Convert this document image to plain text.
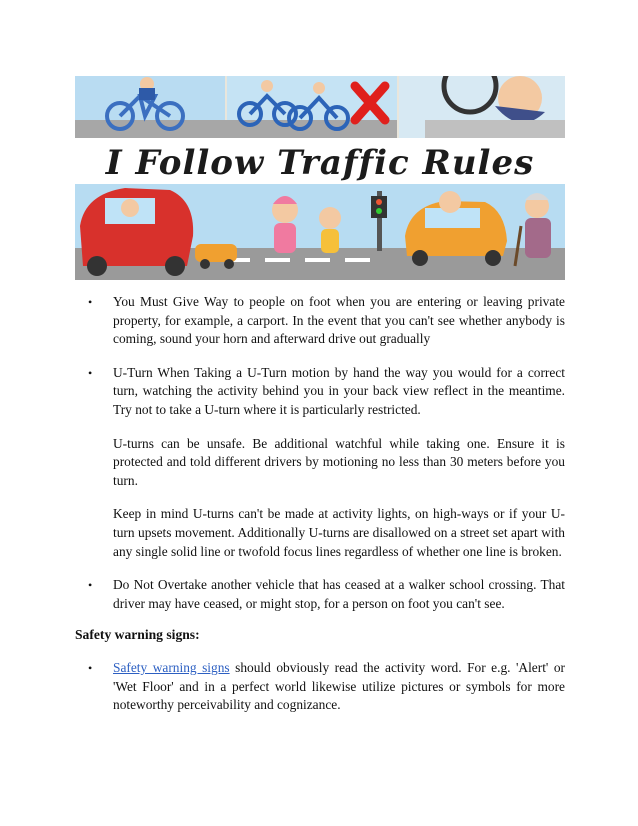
I Follow Traffic Rules
• You Must Give Way to people on foot when you are entering or leaving private property, for example, a carport. In the event that you can't see whether anybody is coming, sound your horn and afterward drive out gradually
• U-Turn When Taking a U-Turn motion by hand the way you would for a correct turn, watching the activity behind you in your back view reflect in the meantime. Try not to take a U-turn where it is particularly restricted.

U-turns can be unsafe. Be additional watchful while taking one. Ensure it is protected and told different drivers by motioning no less than 30 meters before you turn.

Keep in mind U-turns can't be made at activity lights, on high-ways or if your U-turn upsets movement. Additionally U-turns are disallowed on a street set apart with any single solid line or twofold focus lines regardless of whether one line is broken.

• Do Not Overtake another vehicle that has ceased at a walker school crossing. That driver may have ceased, or might stop, for a person on foot you can't see.
Safety warning signs:
• Safety warning signs should obviously read the activity word. For e.g. 'Alert' or 'Wet Floor' and in a perfect world likewise utilize pictures or symbols for more noteworthy perceivability and cognizance.
